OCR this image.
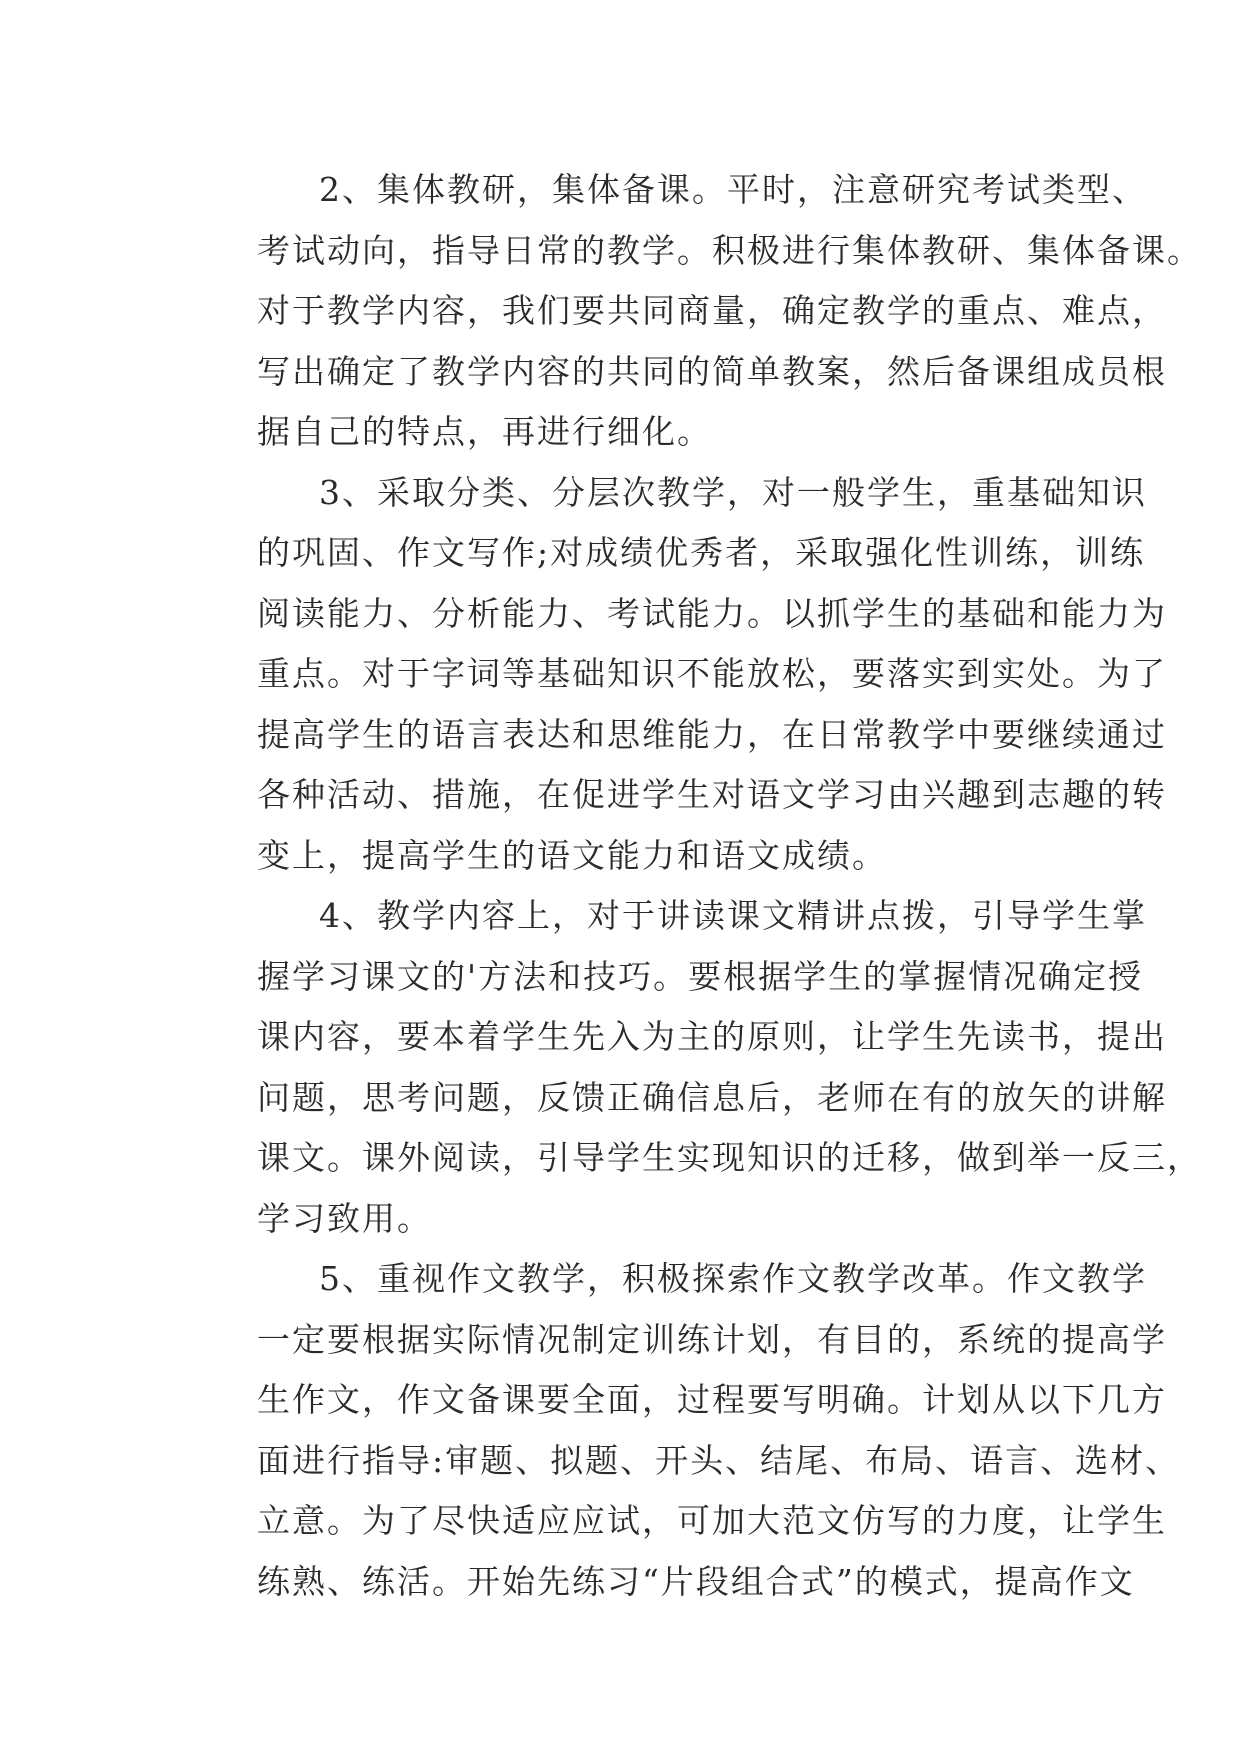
2、集体教研，集体备课。平时，注意研究考试类型、
考试动向，指导日常的教学。积极进行集体教研、集体备课。
对于教学内容，我们要共同商量，确定教学的重点、难点，
写出确定了教学内容的共同的简单教案，然后备课组成员根
据自己的特点，再进行细化。
3、采取分类、分层次教学，对一般学生，重基础知识
的巩固、作文写作;对成绩优秀者，采取强化性训练，训练
阅读能力、分析能力、考试能力。以抓学生的基础和能力为
重点。对于字词等基础知识不能放松，要落实到实处。为了
提高学生的语言表达和思维能力，在日常教学中要继续通过
各种活动、措施，在促进学生对语文学习由兴趣到志趣的转
变上，提高学生的语文能力和语文成绩。
4、教学内容上，对于讲读课文精讲点拨，引导学生掌
握学习课文的'方法和技巧。要根据学生的掌握情况确定授
课内容，要本着学生先入为主的原则，让学生先读书，提出
问题，思考问题，反馈正确信息后，老师在有的放矢的讲解
课文。课外阅读，引导学生实现知识的迁移，做到举一反三，
学习致用。
5、重视作文教学，积极探索作文教学改革。作文教学
一定要根据实际情况制定训练计划，有目的，系统的提高学
生作文，作文备课要全面，过程要写明确。计划从以下几方
面进行指导:审题、拟题、开头、结尾、布局、语言、选材、
立意。为了尽快适应应试，可加大范文仿写的力度，让学生
练熟、练活。开始先练习“片段组合式”的模式，提高作文
